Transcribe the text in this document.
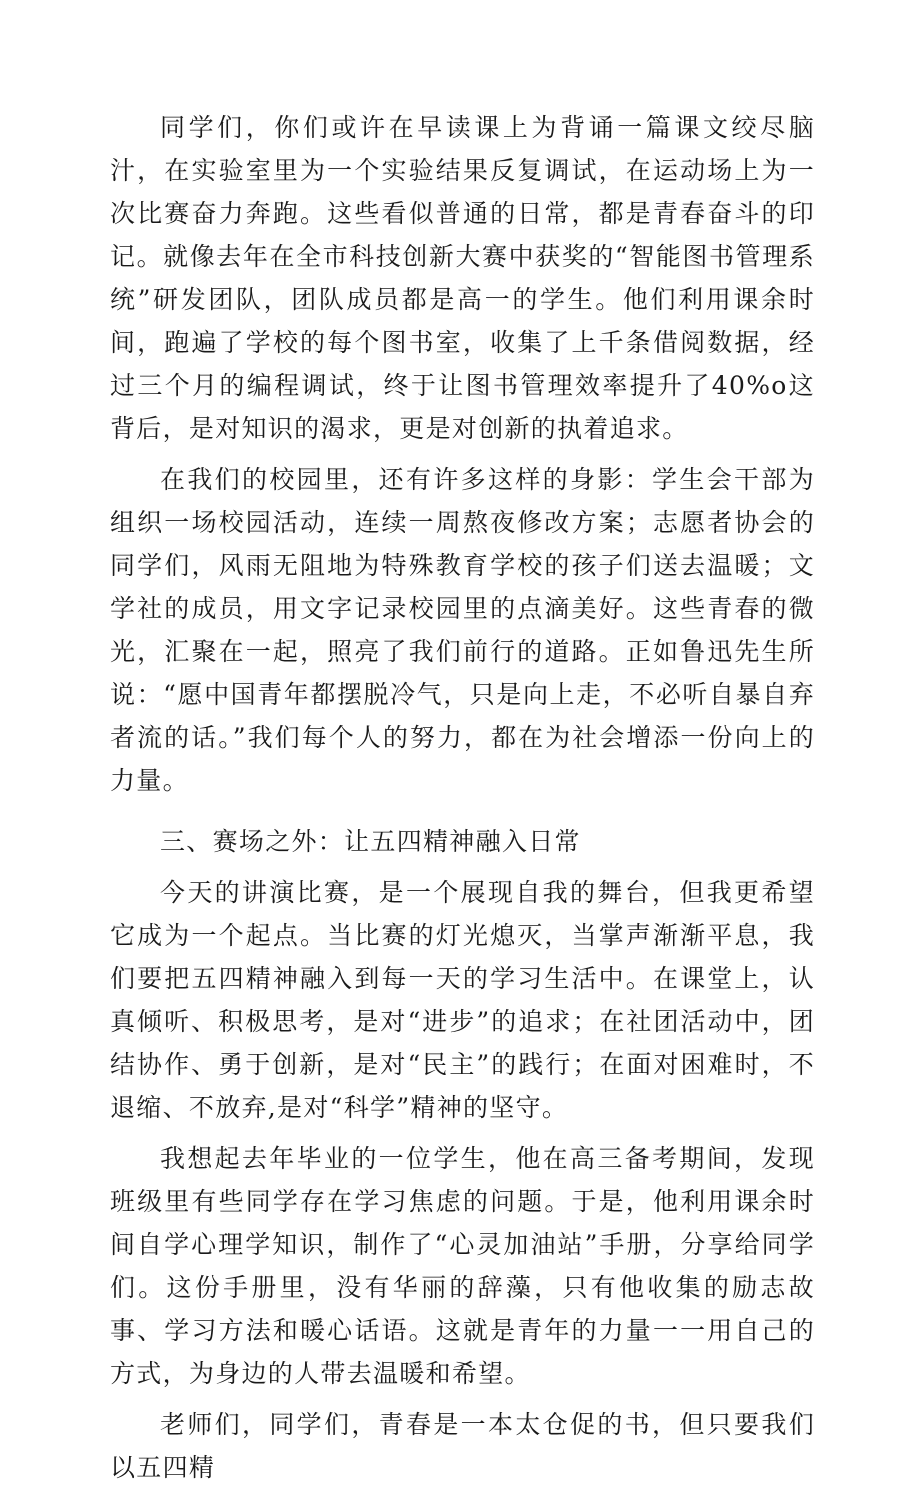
同学们，你们或许在早读课上为背诵一篇课文绞尽脑汁，在实验室里为一个实验结果反复调试，在运动场上为一次比赛奋力奔跑。这些看似普通的日常，都是青春奋斗的印记。就像去年在全市科技创新大赛中获奖的“智能图书管理系统”研发团队，团队成员都是高一的学生。他们利用课余时间，跑遍了学校的每个图书室，收集了上千条借阅数据，经过三个月的编程调试，终于让图书管理效率提升了40%o这背后，是对知识的渴求，更是对创新的执着追求。

在我们的校园里，还有许多这样的身影：学生会干部为组织一场校园活动，连续一周熬夜修改方案；志愿者协会的同学们，风雨无阻地为特殊教育学校的孩子们送去温暖；文学社的成员，用文字记录校园里的点滴美好。这些青春的微光，汇聚在一起，照亮了我们前行的道路。正如鲁迅先生所说：“愿中国青年都摆脱冷气，只是向上走，不必听自暴自弃者流的话。”我们每个人的努力，都在为社会增添一份向上的力量。

三、赛场之外：让五四精神融入日常

今天的讲演比赛，是一个展现自我的舞台，但我更希望它成为一个起点。当比赛的灯光熄灭，当掌声渐渐平息，我们要把五四精神融入到每一天的学习生活中。在课堂上，认真倾听、积极思考，是对“进步”的追求；在社团活动中，团结协作、勇于创新，是对“民主”的践行；在面对困难时，不退缩、不放弃,是对“科学”精神的坚守。

我想起去年毕业的一位学生，他在高三备考期间，发现班级里有些同学存在学习焦虑的问题。于是，他利用课余时间自学心理学知识，制作了“心灵加油站”手册，分享给同学们。这份手册里，没有华丽的辞藻，只有他收集的励志故事、学习方法和暖心话语。这就是青年的力量一一用自己的方式，为身边的人带去温暖和希望。

老师们，同学们，青春是一本太仓促的书，但只要我们以五四精
